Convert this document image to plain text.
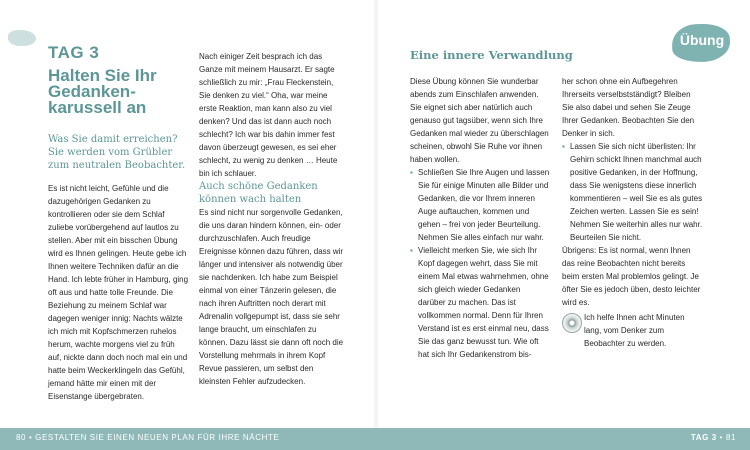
TAG 3
Halten Sie Ihr Gedanken-karussell an

Was Sie damit erreichen? Sie werden vom Grübler zum neutralen Beobachter.

Es ist nicht leicht, Gefühle und die dazugehörigen Gedanken zu kontrollieren oder sie dem Schlaf zuliebe vorübergehend auf lautlos zu stellen. Aber mit ein bisschen Übung wird es Ihnen gelingen. Heute gebe ich Ihnen weitere Techniken dafür an die Hand. Ich lebte früher in Hamburg, ging oft aus und hatte tolle Freunde. Die Beziehung zu meinem Schlaf war dagegen weniger innig: Nachts wälzte ich mich mit Kopfschmerzen ruhelos herum, wachte morgens viel zu früh auf, nickte dann doch noch mal ein und hatte beim Weckerklingeln das Gefühl, jemand hätte mir einen mit der Eisenstange übergebraten.

Nach einiger Zeit besprach ich das Ganze mit meinem Hausarzt. Er sagte schließlich zu mir: „Frau Fleckenstein, Sie denken zu viel.“ Oha, war meine erste Reaktion, man kann also zu viel denken? Und das ist dann auch noch schlecht? Ich war bis dahin immer fest davon überzeugt gewesen, es sei eher schlecht, zu wenig zu denken … Heute bin ich schlauer.

Auch schöne Gedanken können wach halten

Es sind nicht nur sorgenvolle Gedanken, die uns daran hindern können, ein- oder durchzuschlafen. Auch freudige Ereignisse können dazu führen, dass wir länger und intensiver als notwendig über sie nachdenken. Ich habe zum Beispiel einmal von einer Tänzerin gelesen, die nach ihren Auftritten noch derart mit Adrenalin vollgepumpt ist, dass sie sehr lange braucht, um einschlafen zu können. Dazu lässt sie dann oft noch die Vorstellung mehrmals in ihrem Kopf Revue passieren, um selbst den kleinsten Fehler aufzudecken.

Eine innere Verwandlung
Übung

Diese Übung können Sie wunderbar abends zum Einschlafen anwenden. Sie eignet sich aber natürlich auch genauso gut tagsüber, wenn sich Ihre Gedanken mal wieder zu überschlagen scheinen, obwohl Sie Ruhe vor ihnen haben wollen.

▪ Schließen Sie Ihre Augen und lassen Sie für einige Minuten alle Bilder und Gedanken, die vor Ihrem inneren Auge auftauchen, kommen und gehen – frei von jeder Beurteilung. Nehmen Sie alles einfach nur wahr.

▪ Vielleicht merken Sie, wie sich Ihr Kopf dagegen wehrt, dass Sie mit einem Mal etwas wahrnehmen, ohne sich gleich wieder Gedanken darüber zu machen. Das ist vollkommen normal. Denn für Ihren Verstand ist es erst einmal neu, dass Sie das ganz bewusst tun. Wie oft hat sich Ihr Gedankenstrom bis-

her schon ohne ein Aufbegehren Ihrerseits verselbstständigt? Bleiben Sie also dabei und sehen Sie Zeuge Ihrer Gedanken. Beobachten Sie den Denker in sich.

▪ Lassen Sie sich nicht überlisten: Ihr Gehirn schickt Ihnen manchmal auch positive Gedanken, in der Hoffnung, dass Sie wenigstens diese innerlich kommentieren – weil Sie es als gutes Zeichen werten. Lassen Sie es sein! Nehmen Sie weiterhin alles nur wahr. Beurteilen Sie nicht.

Übrigens: Es ist normal, wenn Ihnen das reine Beobachten nicht bereits beim ersten Mal problemlos gelingt. Je öfter Sie es jedoch üben, desto leichter wird es.

Ich helfe Ihnen acht Minuten lang, vom Denker zum Beobachter zu werden.

80 • GESTALTEN SIE EINEN NEUEN PLAN FÜR IHRE NÄCHTE	TAG 3 • 81
